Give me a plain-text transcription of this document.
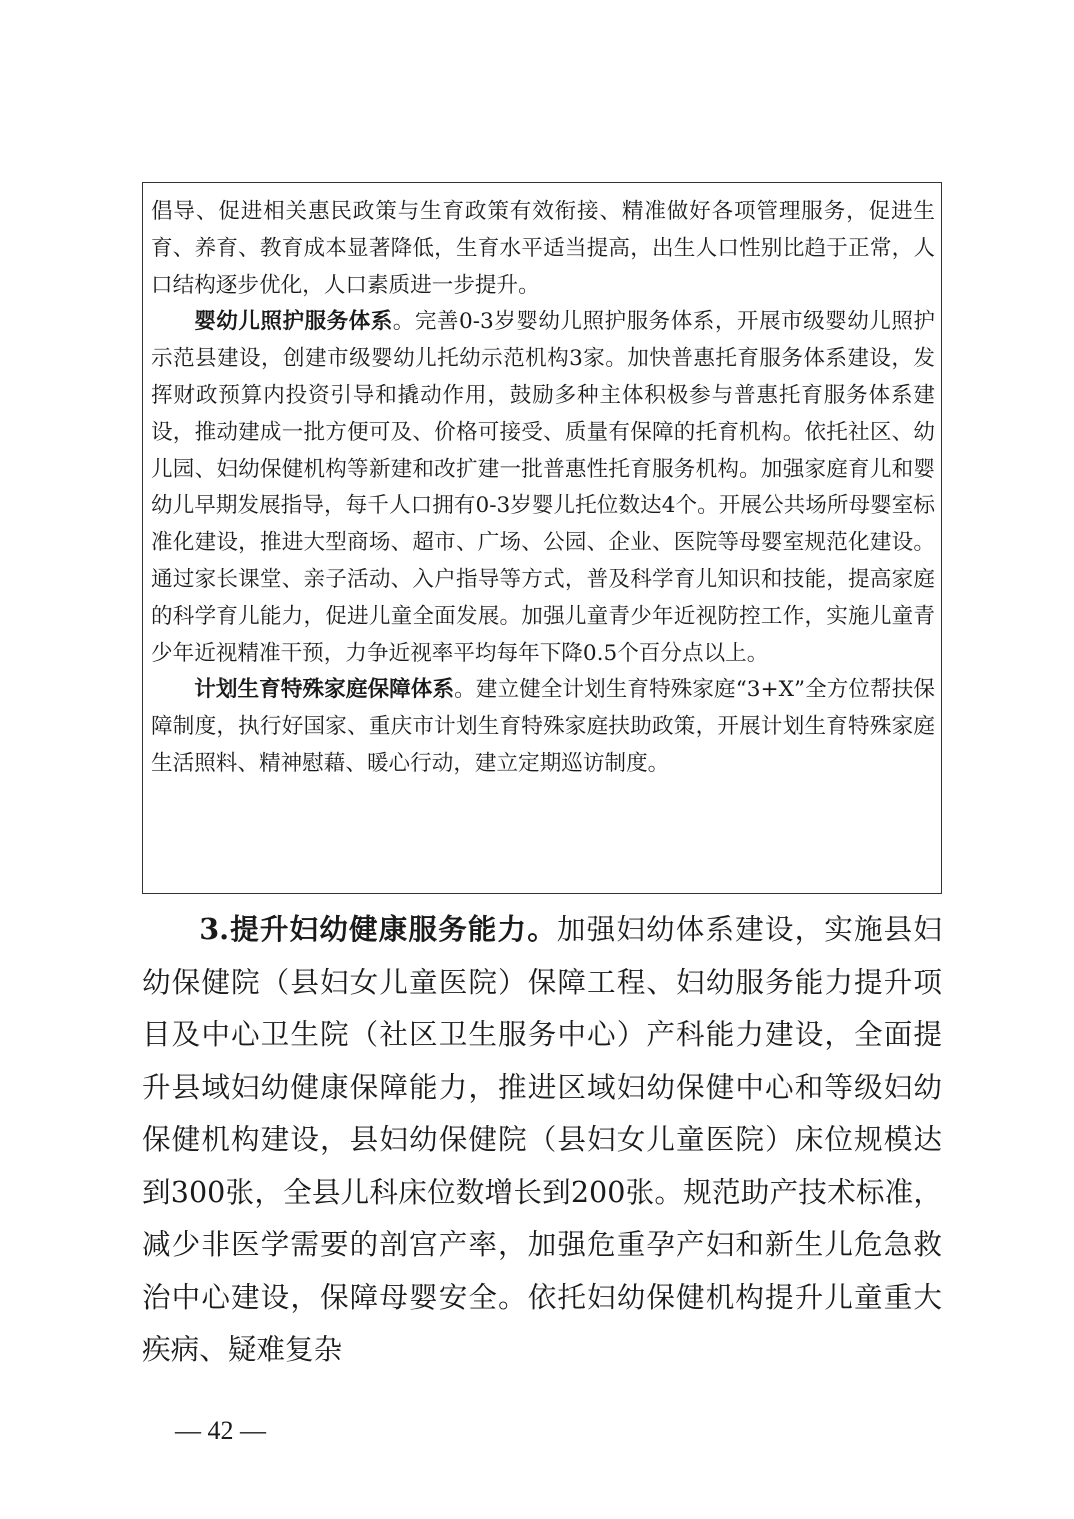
倡导、促进相关惠民政策与生育政策有效衔接、精准做好各项管理服务，促进生育、养育、教育成本显著降低，生育水平适当提高，出生人口性别比趋于正常，人口结构逐步优化，人口素质进一步提升。

婴幼儿照护服务体系。完善0-3岁婴幼儿照护服务体系，开展市级婴幼儿照护示范县建设，创建市级婴幼儿托幼示范机构3家。加快普惠托育服务体系建设，发挥财政预算内投资引导和撬动作用，鼓励多种主体积极参与普惠托育服务体系建设，推动建成一批方便可及、价格可接受、质量有保障的托育机构。依托社区、幼儿园、妇幼保健机构等新建和改扩建一批普惠性托育服务机构。加强家庭育儿和婴幼儿早期发展指导，每千人口拥有0-3岁婴儿托位数达4个。开展公共场所母婴室标准化建设，推进大型商场、超市、广场、公园、企业、医院等母婴室规范化建设。通过家长课堂、亲子活动、入户指导等方式，普及科学育儿知识和技能，提高家庭的科学育儿能力，促进儿童全面发展。加强儿童青少年近视防控工作，实施儿童青少年近视精准干预，力争近视率平均每年下降0.5个百分点以上。

计划生育特殊家庭保障体系。建立健全计划生育特殊家庭“3+X”全方位帮扶保障制度，执行好国家、重庆市计划生育特殊家庭扶助政策，开展计划生育特殊家庭生活照料、精神慰藉、暖心行动，建立定期巡访制度。

3.提升妇幼健康服务能力。加强妇幼体系建设，实施县妇幼保健院（县妇女儿童医院）保障工程、妇幼服务能力提升项目及中心卫生院（社区卫生服务中心）产科能力建设，全面提升县域妇幼健康保障能力，推进区域妇幼保健中心和等级妇幼保健机构建设，县妇幼保健院（县妇女儿童医院）床位规模达到300张，全县儿科床位数增长到200张。规范助产技术标准，减少非医学需要的剖宫产率，加强危重孕产妇和新生儿危急救治中心建设，保障母婴安全。依托妇幼保健机构提升儿童重大疾病、疑难复杂

— 42 —
